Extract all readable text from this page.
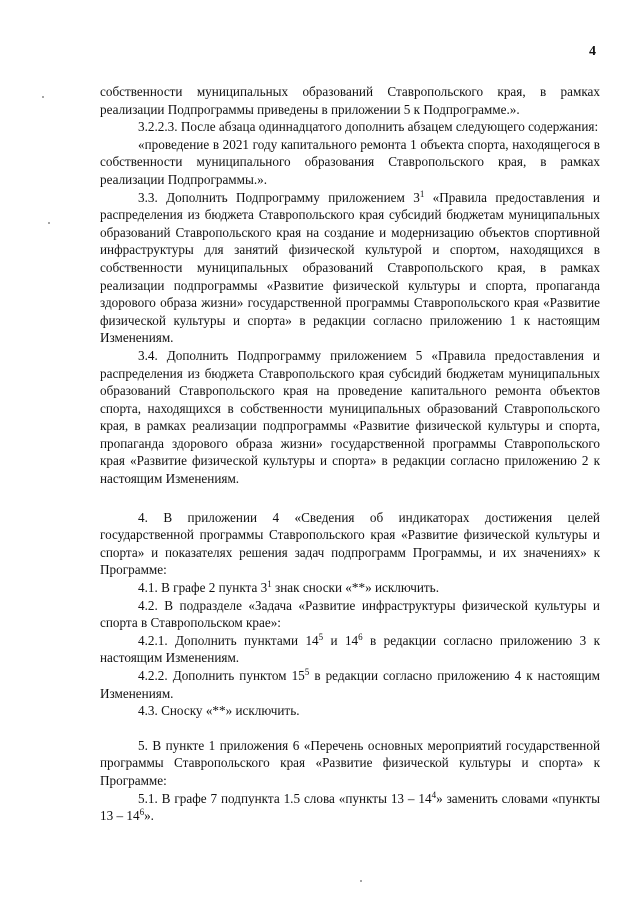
4

собственности муниципальных образований Ставропольского края, в рамках реализации Подпрограммы приведены в приложении 5 к Подпрограмме.».

3.2.2.3. После абзаца одиннадцатого дополнить абзацем следующего содержания:

«проведение в 2021 году капитального ремонта 1 объекта спорта, находящегося в собственности муниципального образования Ставропольского края, в рамках реализации Подпрограммы.».

3.3. Дополнить Подпрограмму приложением $3^1$ «Правила предоставления и распределения из бюджета Ставропольского края субсидий бюджетам муниципальных образований Ставропольского края на создание и модернизацию объектов спортивной инфраструктуры для занятий физической культурой и спортом, находящихся в собственности муниципальных образований Ставропольского края, в рамках реализации подпрограммы «Развитие физической культуры и спорта, пропаганда здорового образа жизни» государственной программы Ставропольского края «Развитие физической культуры и спорта» в редакции согласно приложению 1 к настоящим Изменениям.

3.4. Дополнить Подпрограмму приложением 5 «Правила предоставления и распределения из бюджета Ставропольского края субсидий бюджетам муниципальных образований Ставропольского края на проведение капитального ремонта объектов спорта, находящихся в собственности муниципальных образований Ставропольского края, в рамках реализации подпрограммы «Развитие физической культуры и спорта, пропаганда здорового образа жизни» государственной программы Ставропольского края «Развитие физической культуры и спорта» в редакции согласно приложению 2 к настоящим Изменениям.

4. В приложении 4 «Сведения об индикаторах достижения целей государственной программы Ставропольского края «Развитие физической культуры и спорта» и показателях решения задач подпрограмм Программы, и их значениях» к Программе:

4.1. В графе 2 пункта $3^1$ знак сноски «**» исключить.

4.2. В подразделе «Задача «Развитие инфраструктуры физической культуры и спорта в Ставропольском крае»:

4.2.1. Дополнить пунктами $14^5$ и $14^6$ в редакции согласно приложению 3 к настоящим Изменениям.

4.2.2. Дополнить пунктом $15^5$ в редакции согласно приложению 4 к настоящим Изменениям.

4.3. Сноску «**» исключить.

5. В пункте 1 приложения 6 «Перечень основных мероприятий государственной программы Ставропольского края «Развитие физической культуры и спорта» к Программе:

5.1. В графе 7 подпункта 1.5 слова «пункты $13 - 14^4$» заменить словами «пункты $13 - 14^6$».
